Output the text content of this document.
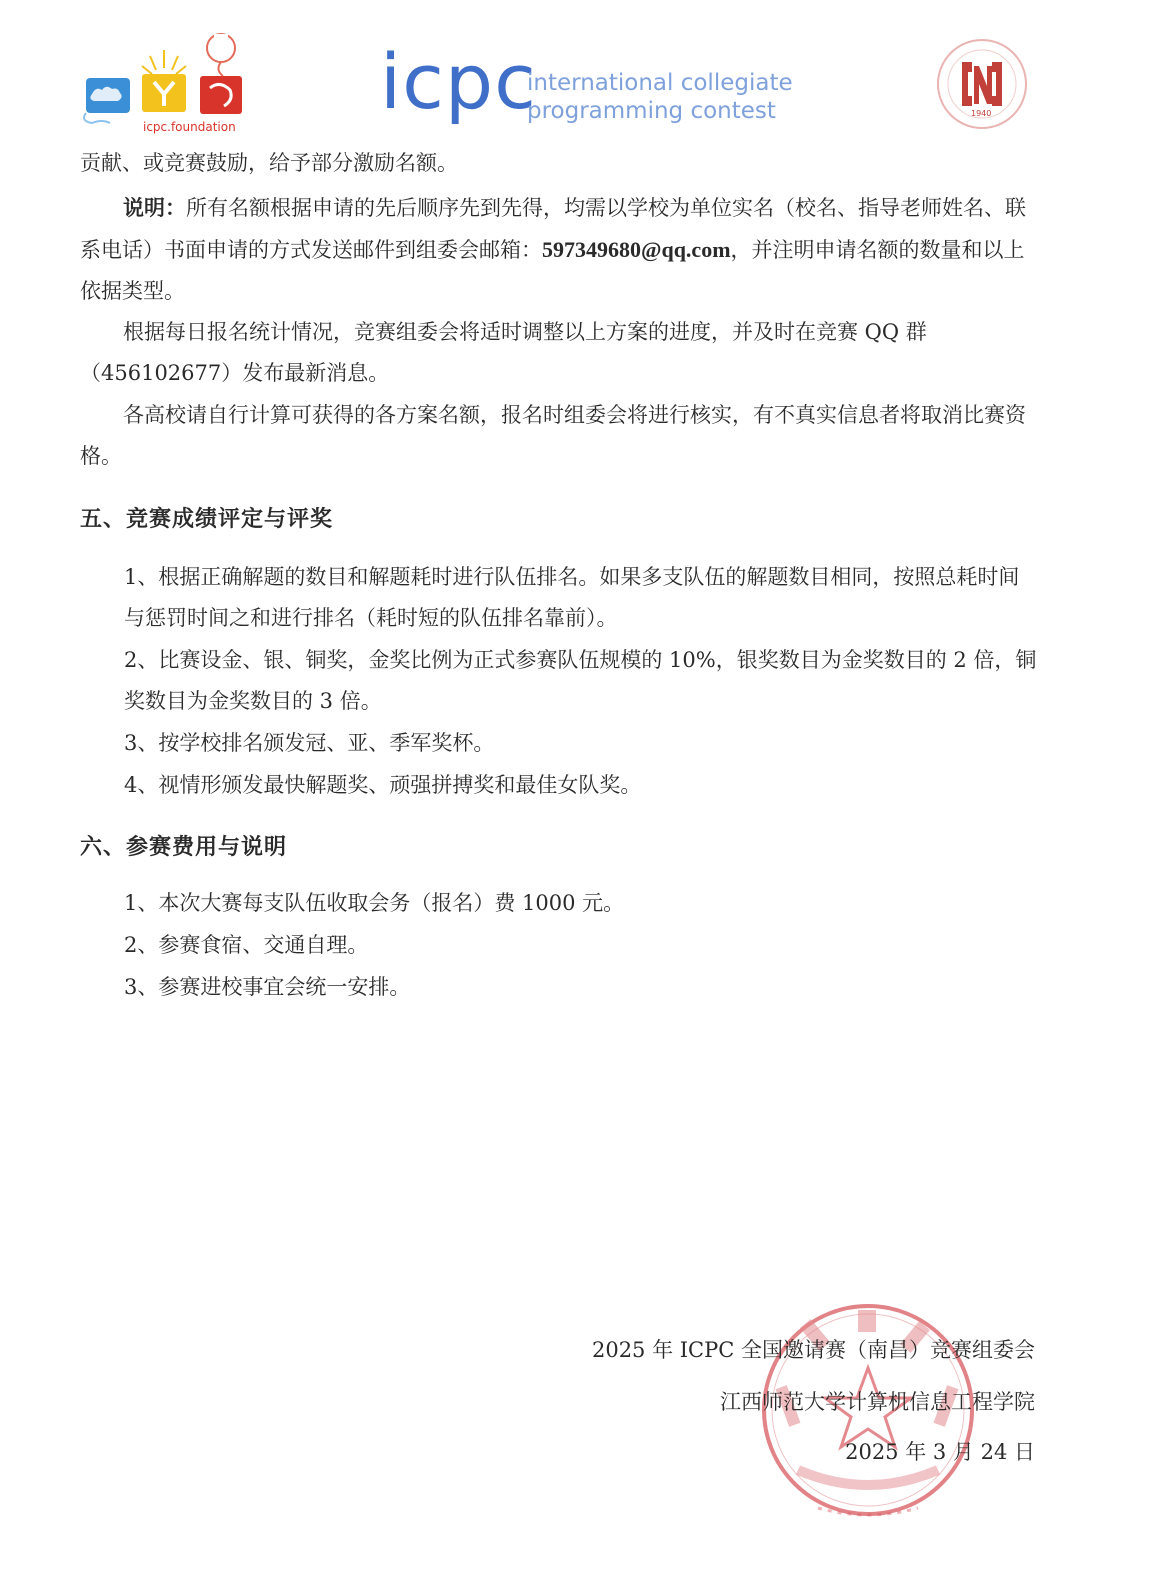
icpc.foundation
icpc
international collegiate
programming contest	1940
贡献、或竞赛鼓励，给予部分激励名额。
说明：所有名额根据申请的先后顺序先到先得，均需以学校为单位实名（校名、指导老师姓名、联系电话）书面申请的方式发送邮件到组委会邮箱：597349680@qq.com，并注明申请名额的数量和以上依据类型。
根据每日报名统计情况，竞赛组委会将适时调整以上方案的进度，并及时在竞赛 QQ 群（456102677）发布最新消息。
各高校请自行计算可获得的各方案名额，报名时组委会将进行核实，有不真实信息者将取消比赛资格。
五、竞赛成绩评定与评奖
1、根据正确解题的数目和解题耗时进行队伍排名。如果多支队伍的解题数目相同，按照总耗时间与惩罚时间之和进行排名（耗时短的队伍排名靠前）。
2、比赛设金、银、铜奖，金奖比例为正式参赛队伍规模的 10%，银奖数目为金奖数目的 2 倍，铜奖数目为金奖数目的 3 倍。
3、按学校排名颁发冠、亚、季军奖杯。
4、视情形颁发最快解题奖、顽强拼搏奖和最佳女队奖。
六、参赛费用与说明
1、本次大赛每支队伍收取会务（报名）费 1000 元。
2、参赛食宿、交通自理。
3、参赛进校事宜会统一安排。
2025 年 ICPC 全国邀请赛（南昌）竞赛组委会
江西师范大学计算机信息工程学院
2025 年 3 月 24 日
